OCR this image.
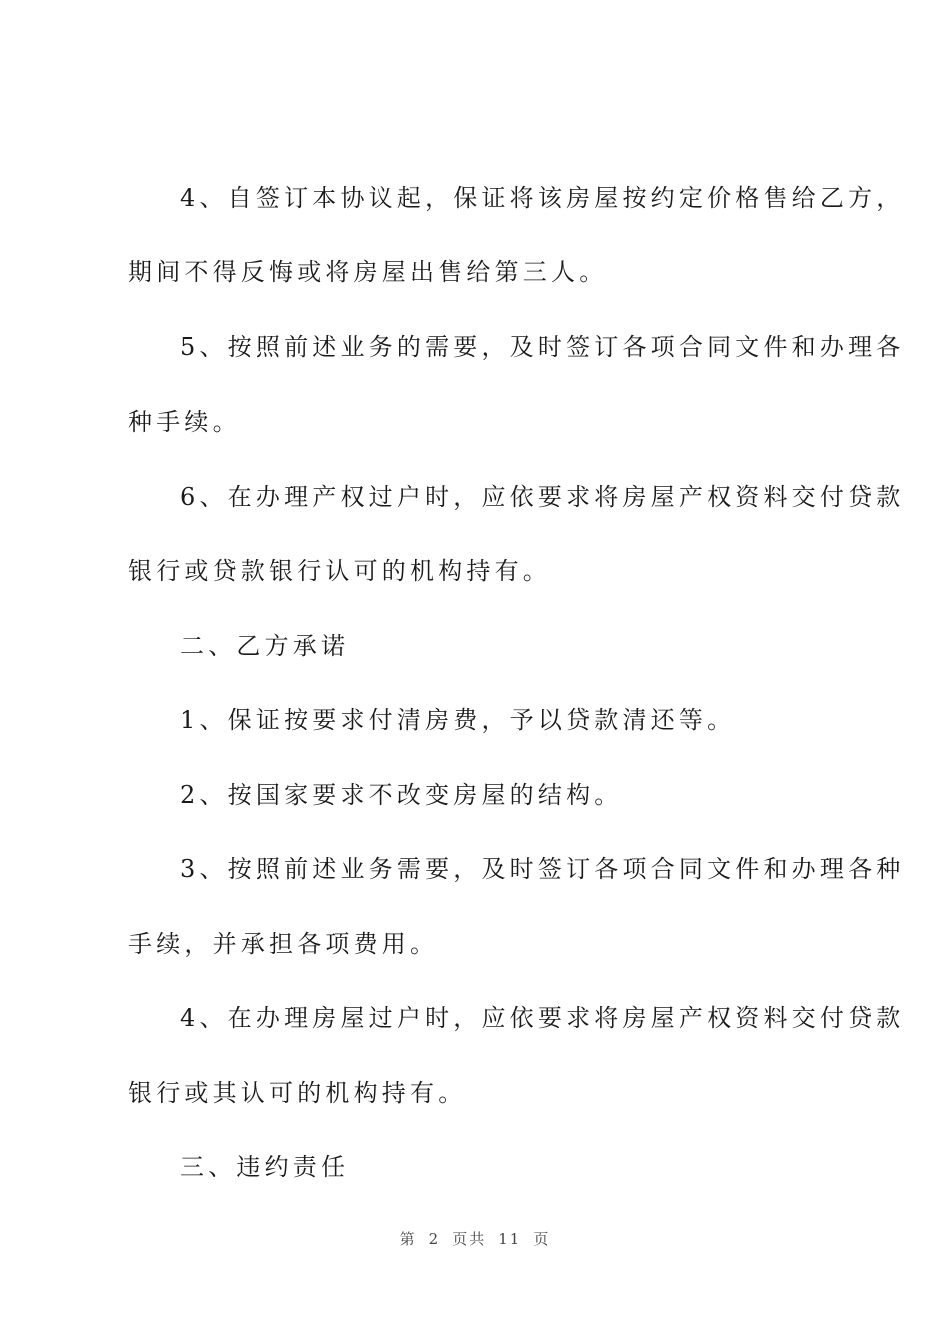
4、自签订本协议起，保证将该房屋按约定价格售给乙方，
期间不得反悔或将房屋出售给第三人。
5、按照前述业务的需要，及时签订各项合同文件和办理各
种手续。
6、在办理产权过户时，应依要求将房屋产权资料交付贷款
银行或贷款银行认可的机构持有。
二、乙方承诺
1、保证按要求付清房费，予以贷款清还等。
2、按国家要求不改变房屋的结构。
3、按照前述业务需要，及时签订各项合同文件和办理各种
手续，并承担各项费用。
4、在办理房屋过户时，应依要求将房屋产权资料交付贷款
银行或其认可的机构持有。
三、违约责任
第 2 页共 11 页
